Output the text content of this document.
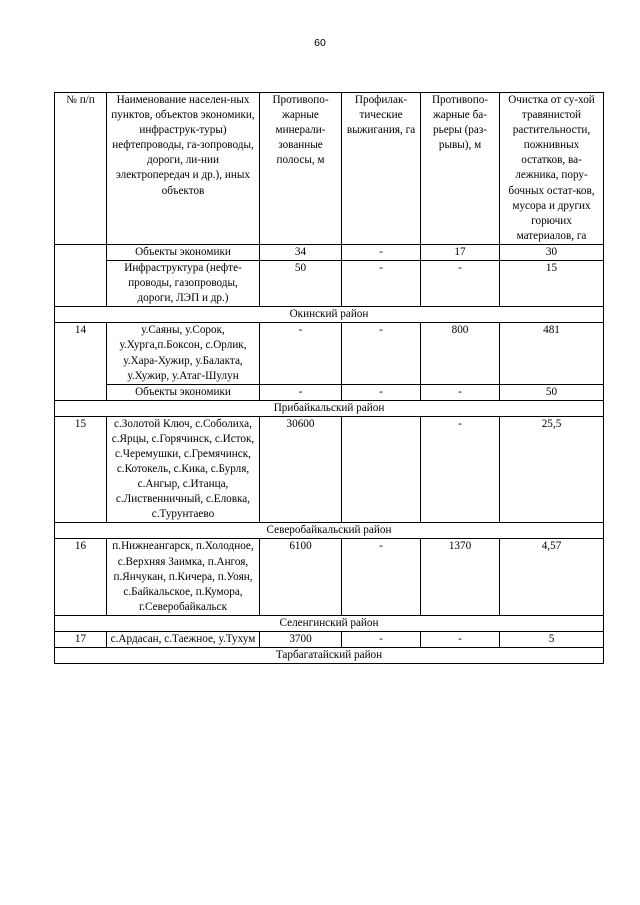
60
№ п/п	Наименование населен-ных пунктов, объектов экономики, инфраструк-туры) нефтепроводы, га-зопроводы, дороги, ли-нии электропередач и др.), иных объектов	Противопо-жарные минерали-зованные полосы, м	Профилак-тические выжигания, га	Противопо-жарные ба-рьеры (раз-рывы), м	Очистка от су-хой травянистой растительности, пожнивных остатков, ва-лежника, пору-бочных остат-ков, мусора и других горючих материалов, га
	Объекты экономики	34	-	17	30
	Инфраструктура (нефте-проводы, газопроводы, дороги, ЛЭП и др.)	50	-	-	15
Окинский район					
14	у.Саяны, у.Сорок, у.Хурга,п.Боксон, с.Орлик, у.Хара-Хужир, у.Балакта, у.Хужир, у.Атаг-Шулун	-	-	800	481
	Объекты экономики	-	-	-	50
Прибайкальский район					
15	с.Золотой Ключ, с.Соболиха, с.Ярцы, с.Горячинск, с.Исток, с.Черемушки, с.Гремячинск, с.Котокель, с.Кика, с.Бурля, с.Ангыр, с.Итанца, с.Лиственничный, с.Еловка, с.Турунтаево	30600		-	25,5
Северобайкальский район					
16	п.Нижнеангарск, п.Холодное, с.Верхняя Заимка, п.Ангоя, п.Янчукан, п.Кичера, п.Уоян, с.Байкальское, п.Кумора, г.Северобайкальск	6100	-	1370	4,57
Селенгинский район					
17	с.Ардасан, с.Таежное, у.Тухум	3700	-	-	5
Тарбагатайский район					
